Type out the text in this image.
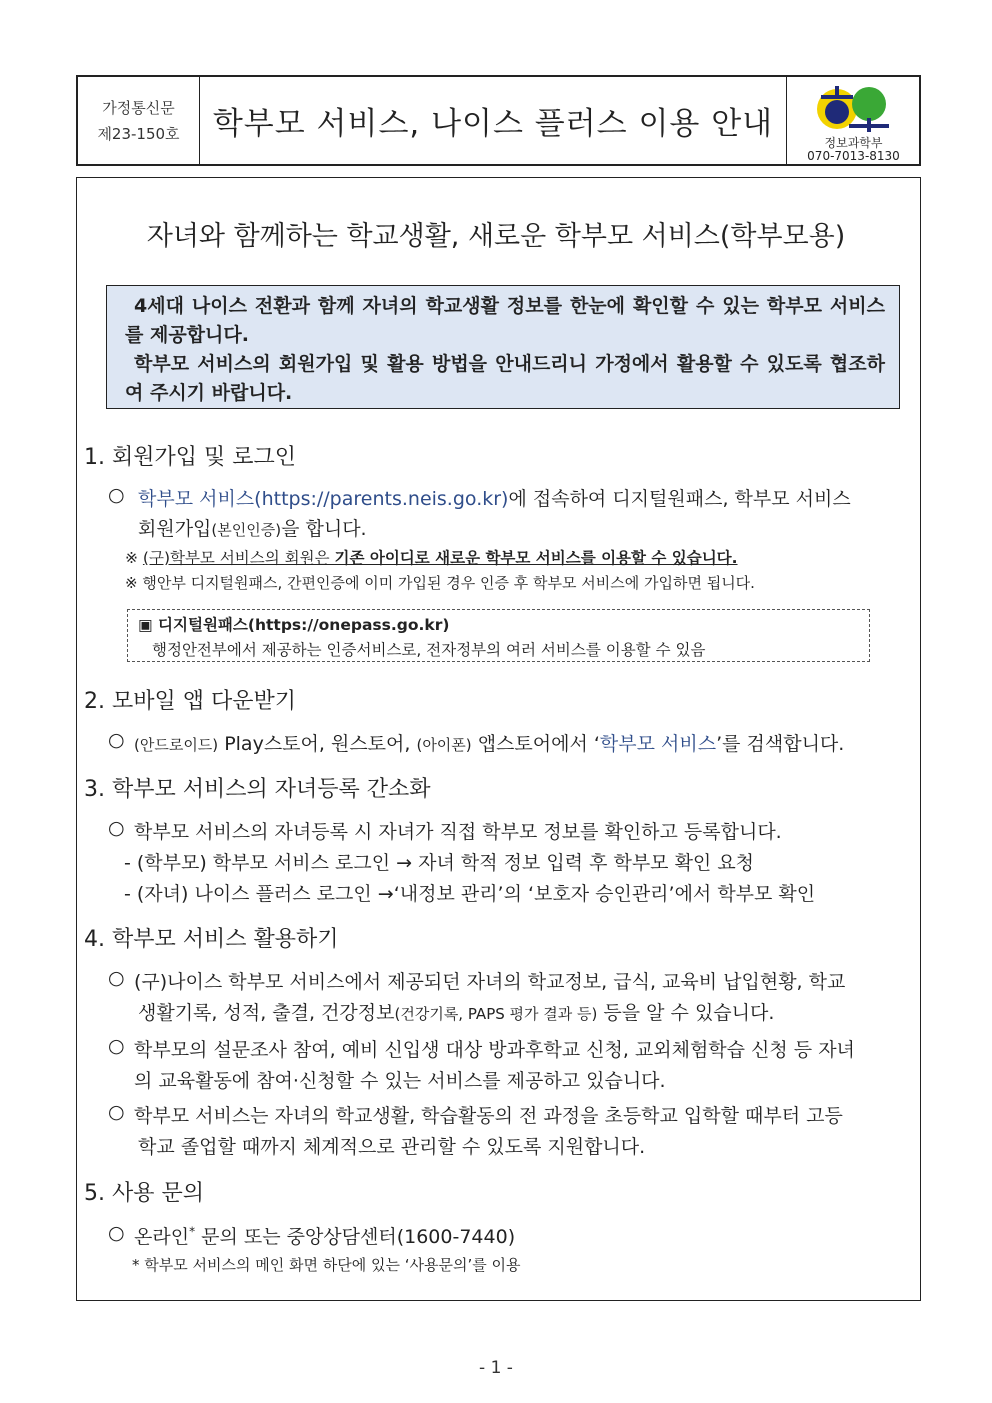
가정통신문
제23-150호	학부모 서비스, 나이스 플러스 이용 안내
정보과학부
070-7013-8130
자녀와 함께하는 학교생활, 새로운 학부모 서비스(학부모용)

4세대 나이스 전환과 함께 자녀의 학교생활 정보를 한눈에 확인할 수 있는 학부모 서비스를 제공합니다.

학부모 서비스의 회원가입 및 활용 방법을 안내드리니 가정에서 활용할 수 있도록 협조하여 주시기 바랍니다.

1. 회원가입 및 로그인
○ 학부모 서비스(https://parents.neis.go.kr)에 접속하여 디지털원패스, 학부모 서비스
회원가입(본인인증)을 합니다.
※ (구)학부모 서비스의 회원은 기존 아이디로 새로운 학부모 서비스를 이용할 수 있습니다.
※ 행안부 디지털원패스, 간편인증에 이미 가입된 경우 인증 후 학부모 서비스에 가입하면 됩니다.
▣ 디지털원패스(https://onepass.go.kr)
행정안전부에서 제공하는 인증서비스로, 전자정부의 여러 서비스를 이용할 수 있음
2. 모바일 앱 다운받기
○ (안드로이드) Play스토어, 원스토어, (아이폰) 앱스토어에서 ‘학부모 서비스’를 검색합니다.
3. 학부모 서비스의 자녀등록 간소화
○ 학부모 서비스의 자녀등록 시 자녀가 직접 학부모 정보를 확인하고 등록합니다.
- (학부모) 학부모 서비스 로그인 → 자녀 학적 정보 입력 후 학부모 확인 요청
- (자녀) 나이스 플러스 로그인 →‘내정보 관리’의 ‘보호자 승인관리’에서 학부모 확인
4. 학부모 서비스 활용하기
○ (구)나이스 학부모 서비스에서 제공되던 자녀의 학교정보, 급식, 교육비 납입현황, 학교
생활기록, 성적, 출결, 건강정보(건강기록, PAPS 평가 결과 등) 등을 알 수 있습니다.
○ 학부모의 설문조사 참여, 예비 신입생 대상 방과후학교 신청, 교외체험학습 신청 등 자녀
의 교육활동에 참여·신청할 수 있는 서비스를 제공하고 있습니다.
○ 학부모 서비스는 자녀의 학교생활, 학습활동의 전 과정을 초등학교 입학할 때부터 고등
학교 졸업할 때까지 체계적으로 관리할 수 있도록 지원합니다.
5. 사용 문의
○ 온라인* 문의 또는 중앙상담센터(1600-7440)
* 학부모 서비스의 메인 화면 하단에 있는 ‘사용문의’를 이용
- 1 -
